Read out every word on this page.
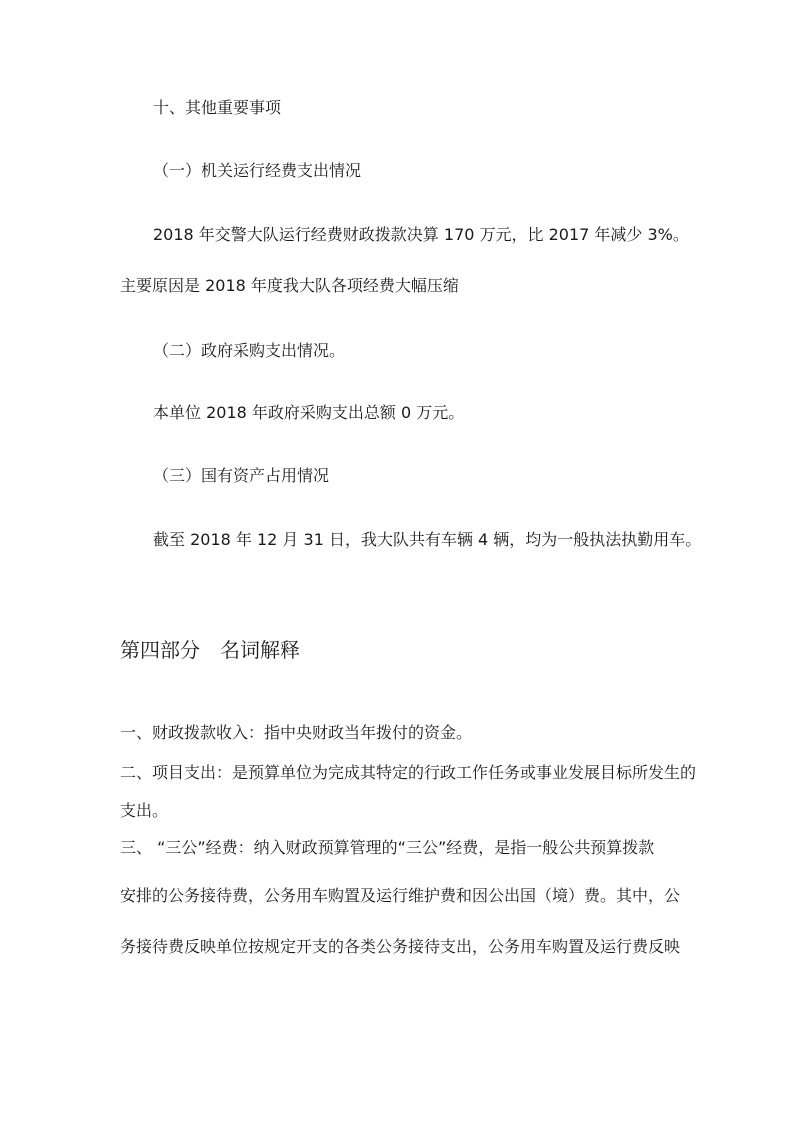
十、其他重要事项
（一）机关运行经费支出情况
2018 年交警大队运行经费财政拨款决算 170 万元，比 2017 年减少 3%。
主要原因是 2018 年度我大队各项经费大幅压缩
（二）政府采购支出情况。
本单位 2018 年政府采购支出总额 0 万元。
（三）国有资产占用情况
截至 2018 年 12 月 31 日，我大队共有车辆 4 辆，均为一般执法执勤用车。
第四部分　名词解释
一、财政拨款收入：指中央财政当年拨付的资金。
二、项目支出：是预算单位为完成其特定的行政工作任务或事业发展目标所发生的
支出。
三、 “三公”经费：纳入财政预算管理的“三公”经费，是指一般公共预算拨款
安排的公务接待费，公务用车购置及运行维护费和因公出国（境）费。其中，公
务接待费反映单位按规定开支的各类公务接待支出，公务用车购置及运行费反映
